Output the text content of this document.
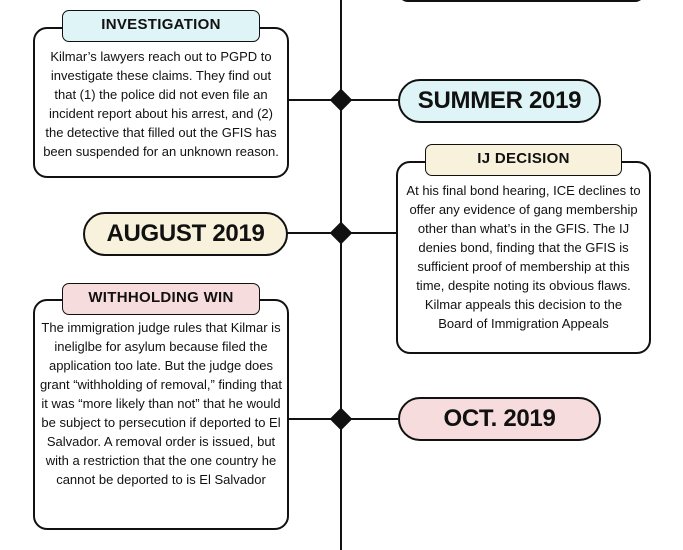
Kilmar’s lawyers reach out to PGPD to investigate these claims. They find out that (1) the police did not even file an incident report about his arrest, and (2) the detective that filled out the GFIS has been suspended for an unknown reason.
INVESTIGATION
SUMMER 2019
At his final bond hearing, ICE declines to offer any evidence of gang membership other than what’s in the GFIS. The IJ denies bond, finding that the GFIS is sufficient proof of membership at this time, despite noting its obvious flaws. Kilmar appeals this decision to the Board of Immigration Appeals
IJ DECISION
AUGUST 2019
The immigration judge rules that Kilmar is ineliglbe for asylum because filed the application too late. But the judge does grant “withholding of removal,” finding that it was “more likely than not” that he would be subject to persecution if deported to El Salvador. A removal order is issued, but with a restriction that the one country he cannot be deported to is El Salvador
WITHHOLDING WIN
OCT. 2019
